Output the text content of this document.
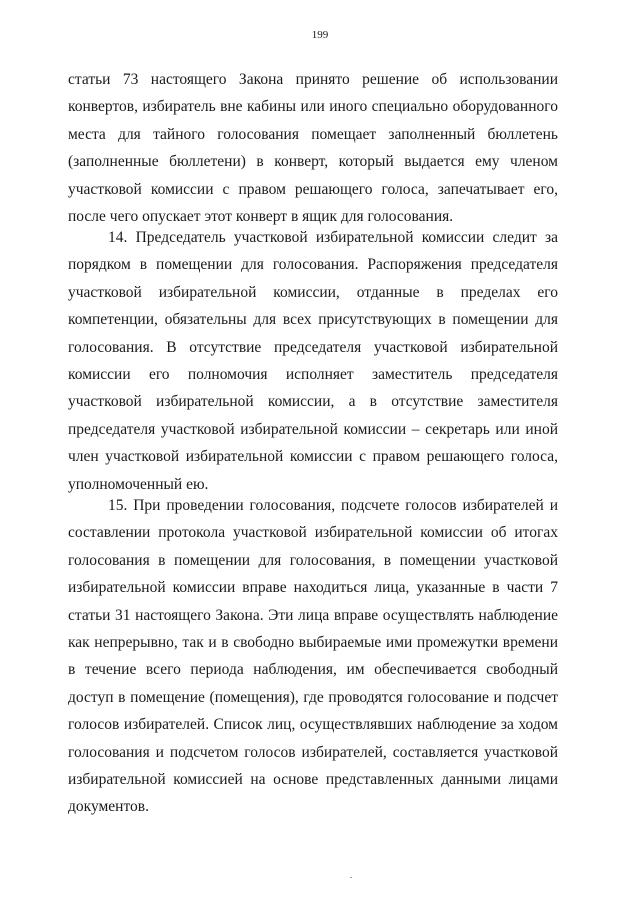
199

статьи 73 настоящего Закона принято решение об использовании конвертов, избиратель вне кабины или иного специально оборудованного места для тайного голосования помещает заполненный бюллетень (заполненные бюллетени) в конверт, который выдается ему членом участковой комиссии с правом решающего голоса, запечатывает его, после чего опускает этот конверт в ящик для голосования.

14. Председатель участковой избирательной комиссии следит за порядком в помещении для голосования. Распоряжения председателя участковой избирательной комиссии, отданные в пределах его компетенции, обязательны для всех присутствующих в помещении для голосования. В отсутствие председателя участковой избирательной комиссии его полномочия исполняет заместитель председателя участковой избирательной комиссии, а в отсутствие заместителя председателя участковой избирательной комиссии – секретарь или иной член участковой избирательной комиссии с правом решающего голоса, уполномоченный ею.

15. При проведении голосования, подсчете голосов избирателей и составлении протокола участковой избирательной комиссии об итогах голосования в помещении для голосования, в помещении участковой избирательной комиссии вправе находиться лица, указанные в части 7 статьи 31 настоящего Закона. Эти лица вправе осуществлять наблюдение как непрерывно, так и в свободно выбираемые ими промежутки времени в течение всего периода наблюдения, им обеспечивается свободный доступ в помещение (помещения), где проводятся голосование и подсчет голосов избирателей. Список лиц, осуществлявших наблюдение за ходом голосования и подсчетом голосов избирателей, составляется участковой избирательной комиссией на основе представленных данными лицами документов.
